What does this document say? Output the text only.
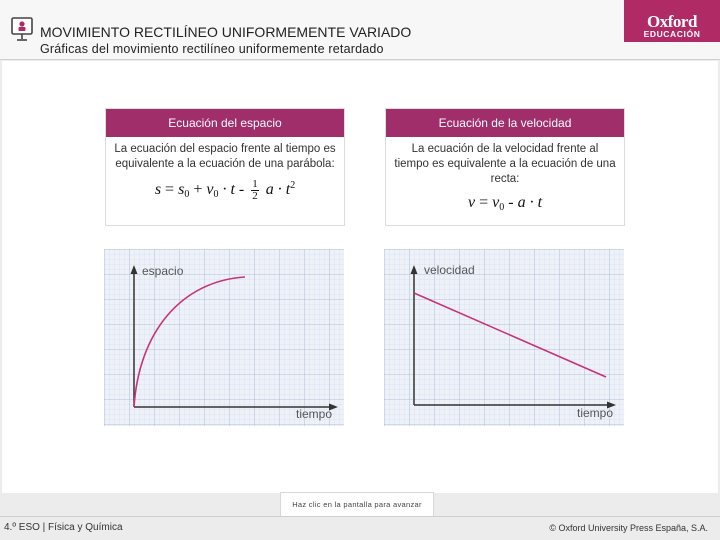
MOVIMIENTO RECTILÍNEO UNIFORMEMENTE VARIADO
Gráficas del movimiento rectilíneo uniformemente retardado
Oxford
EDUCACIÓN
Ecuación del espacio
La ecuación del espacio frente al tiempo es equivalente a la ecuación de una parábola:
$s = s_0 + v_0 \cdot t - \frac{1}{2}$ $a \cdot t^2$
Ecuación de la velocidad
La ecuación de la velocidad frente al tiempo es equivalente a la ecuación de una recta:
$v = v_0 - a \cdot t$
espacio
tiempo
velocidad
tiempo
Haz clic en la pantalla para avanzar
4.º ESO | Física y Química	© Oxford University Press España, S.A.
